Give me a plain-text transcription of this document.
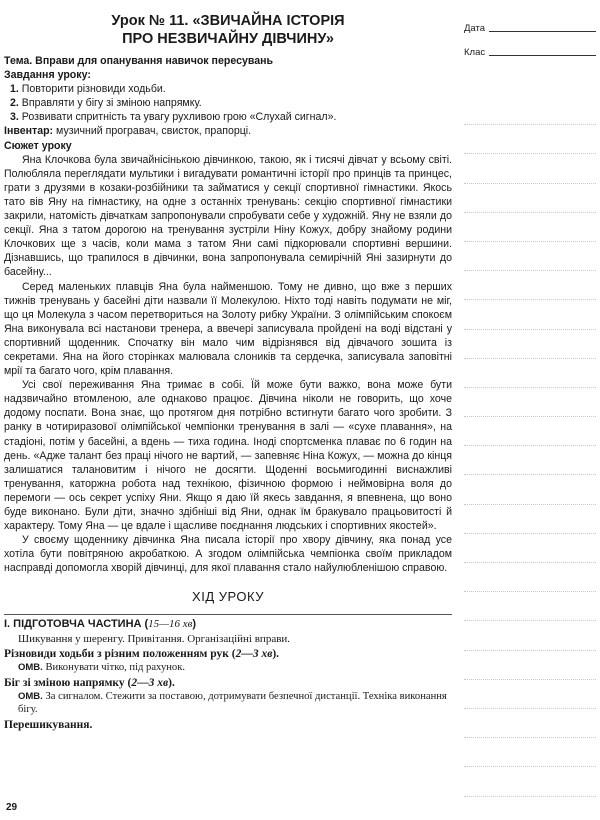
Урок № 11. «ЗВИЧАЙНА ІСТОРІЯ
ПРО НЕЗВИЧАЙНУ ДІВЧИНУ»
Тема. Вправи для опанування навичок пересувань
Завдання уроку:
1. Повторити різновиди ходьби.
2. Вправляти у бігу зі зміною напрямку.
3. Розвивати спритність та увагу рухливою грою «Слухай сигнал».
Інвентар: музичний програвач, свисток, прапорці.
Сюжет уроку

Яна Клочкова була звичайнісінькою дівчинкою, такою, як і тисячі дівчат у всьому світі. Полюбляла переглядати мультики і вигадувати романтичні історії про принців та принцес, грати з друзями в козаки-розбійники та займатися у секції спортивної гімнастики. Якось тато вів Яну на гімнастику, на одне з останніх тренувань: секцію спортивної гімнастики закрили, натомість дівчаткам запропонували спробувати себе у художній. Яну не взяли до секції. Яна з татом дорогою на тренування зустріли Ніну Кожух, добру знайому родини Клочкових ще з часів, коли мама з татом Яни самі підкорювали спортивні вершини. Дізнавшись, що трапилося в дівчинки, вона запропонувала семирічній Яні зазирнути до басейну...

Серед маленьких плавців Яна була найменшою. Тому не дивно, що вже з перших тижнів тренувань у басейні діти назвали її Молекулою. Ніхто тоді навіть подумати не міг, що ця Молекула з часом перетвориться на Золоту рибку України. З олімпійським спокоєм Яна виконувала всі настанови тренера, а ввечері записувала пройдені на воді відстані у спортивний щоденник. Спочатку він мало чим відрізнявся від дівчачого зошита із секретами. Яна на його сторінках малювала слоників та сердечка, записувала заповітні мрії та багато чого, крім плавання.

Усі свої переживання Яна тримає в собі. Їй може бути важко, вона може бути надзвичайно втомленою, але однаково працює. Дівчина ніколи не говорить, що хоче додому поспати. Вона знає, що протягом дня потрібно встигнути багато чого зробити. З ранку в чотириразової олімпійської чемпіонки тренування в залі — «сухе плавання», на стадіоні, потім у басейні, а вдень — тиха година. Іноді спортсменка плаває по 6 годин на день. «Адже талант без праці нічого не вартий, — запевняє Ніна Кожух, — можна до кінця залишатися талановитим і нічого не досягти. Щоденні восьмигодинні виснажливі тренування, каторжна робота над технікою, фізичною формою і неймовірна воля до перемоги — ось секрет успіху Яни. Якщо я даю їй якесь завдання, я впевнена, що воно буде виконано. Були діти, значно здібніші від Яни, однак їм бракувало працьовитості й характеру. Тому Яна — це вдале і щасливе поєднання людських і спортивних якостей».

У своєму щоденнику дівчинка Яна писала історії про хвору дівчину, яка понад усе хотіла бути повітряною акробаткою. А згодом олімпійська чемпіонка своїм прикладом насправді допомогла хворій дівчинці, для якої плавання стало найулюбленішою справою.

ХІД УРОКУ
І. ПІДГОТОВЧА ЧАСТИНА (15—16 хв)
Шикування у шеренгу. Привітання. Організаційні вправи.
Різновиди ходьби з різним положенням рук (2—3 хв).
ОМВ. Виконувати чітко, під рахунок.
Біг зі зміною напрямку (2—3 хв).
ОМВ. За сигналом. Стежити за поставою, дотримувати безпечної дистанції. Техніка виконання бігу.
Перешикування.
Дата
Клас
29
